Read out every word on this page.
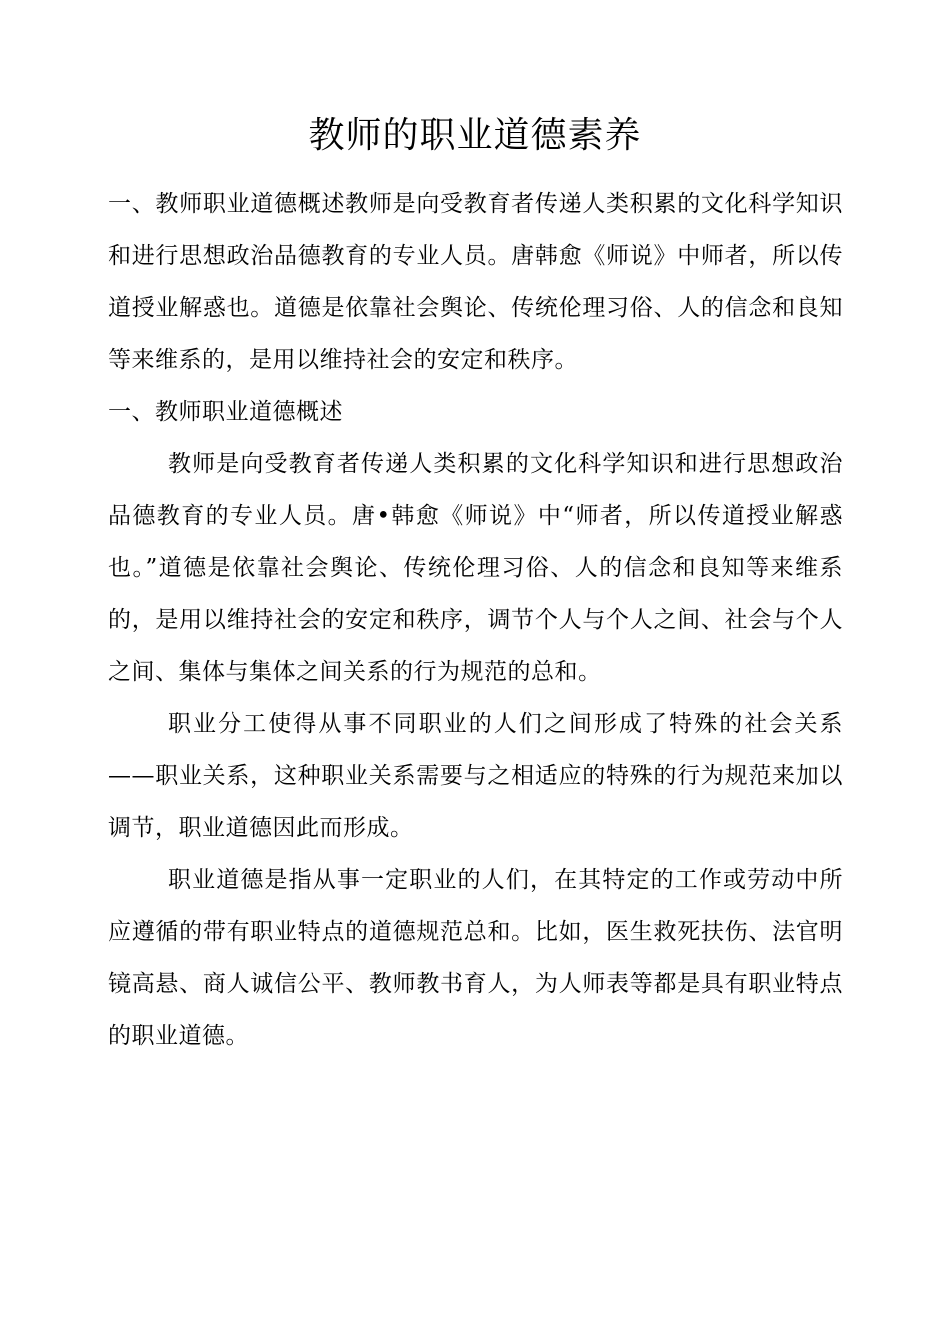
教师的职业道德素养

一、教师职业道德概述教师是向受教育者传递人类积累的文化科学知识和进行思想政治品德教育的专业人员。唐韩愈《师说》中师者，所以传道授业解惑也。道德是依靠社会舆论、传统伦理习俗、人的信念和良知等来维系的，是用以维持社会的安定和秩序。

一、教师职业道德概述

教师是向受教育者传递人类积累的文化科学知识和进行思想政治品德教育的专业人员。唐•韩愈《师说》中“师者，所以传道授业解惑也。”道德是依靠社会舆论、传统伦理习俗、人的信念和良知等来维系的，是用以维持社会的安定和秩序，调节个人与个人之间、社会与个人之间、集体与集体之间关系的行为规范的总和。

职业分工使得从事不同职业的人们之间形成了特殊的社会关系——职业关系，这种职业关系需要与之相适应的特殊的行为规范来加以调节，职业道德因此而形成。

职业道德是指从事一定职业的人们，在其特定的工作或劳动中所应遵循的带有职业特点的道德规范总和。比如，医生救死扶伤、法官明镜高悬、商人诚信公平、教师教书育人，为人师表等都是具有职业特点的职业道德。
